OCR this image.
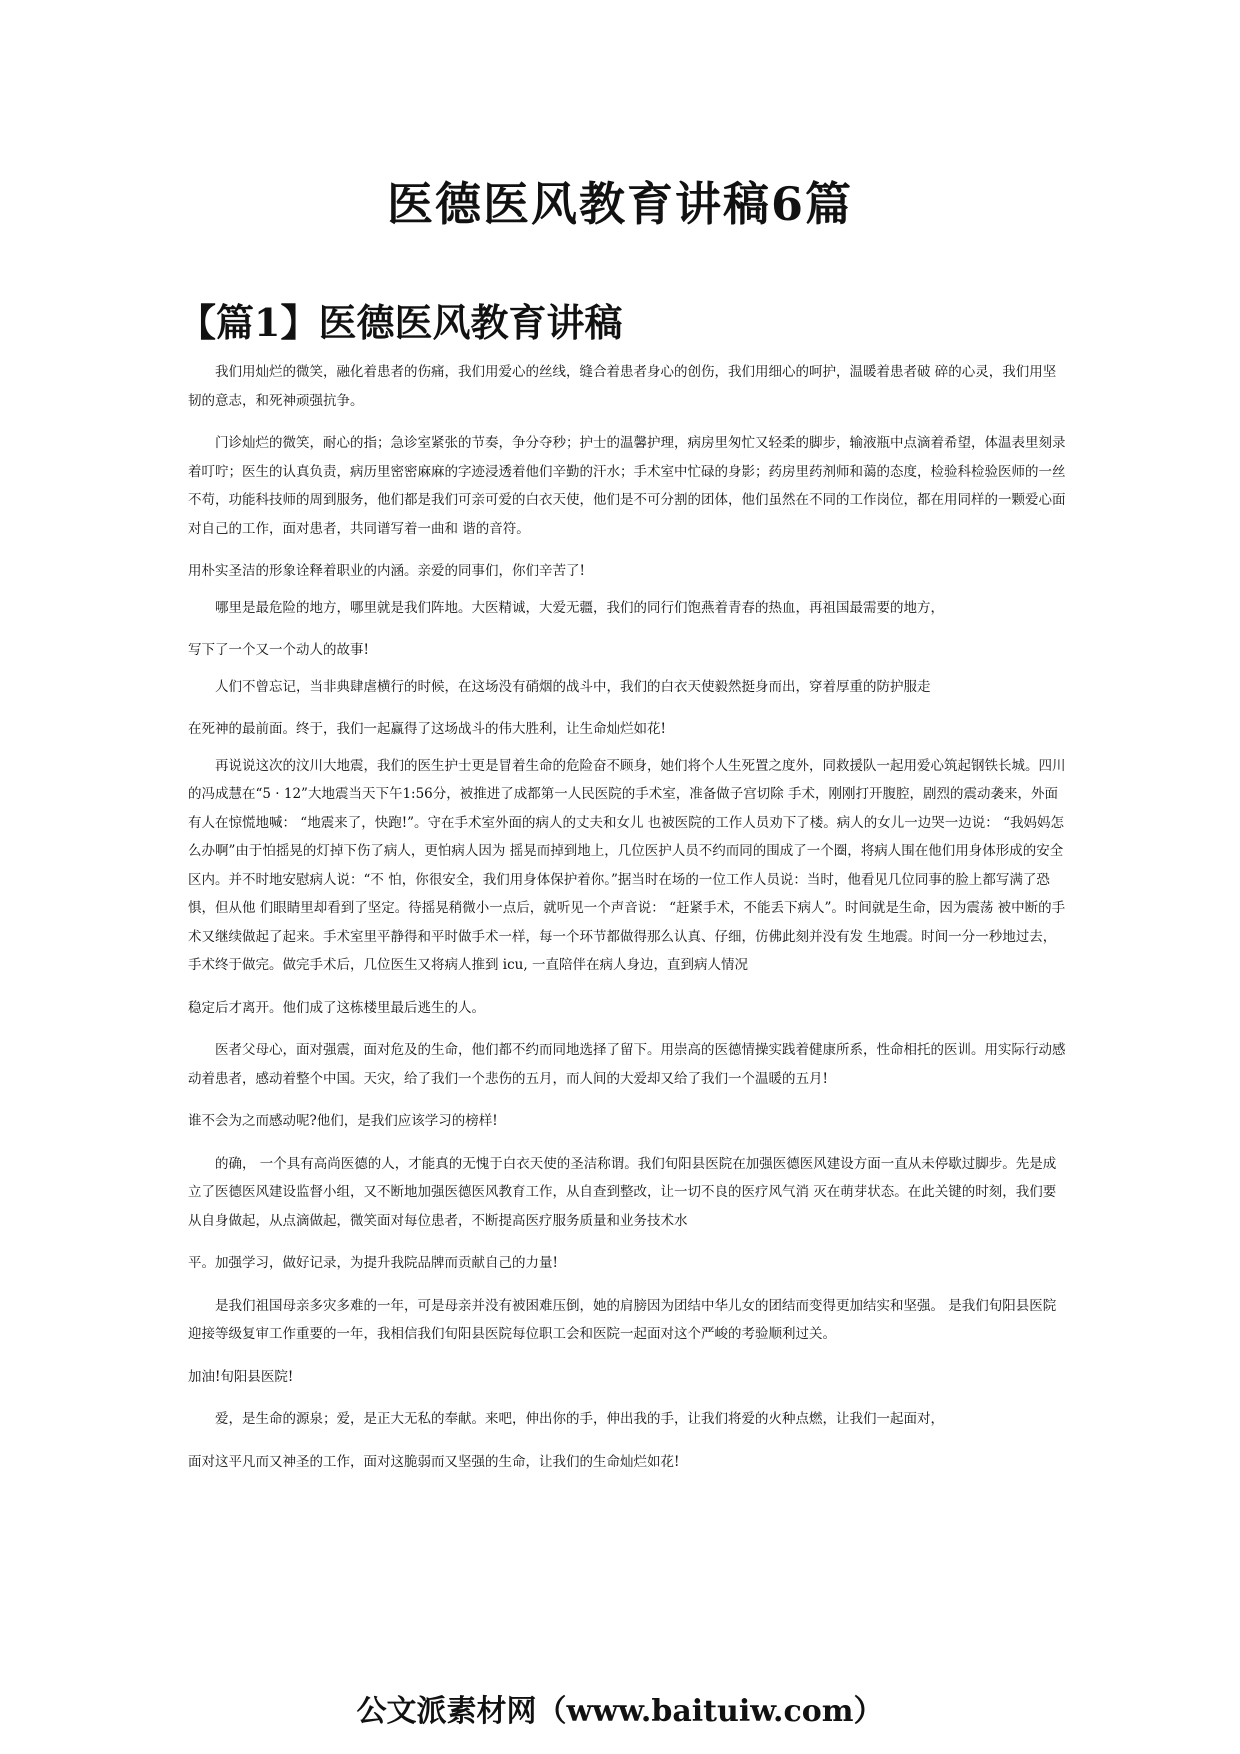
医德医风教育讲稿6篇
【篇1】医德医风教育讲稿

我们用灿烂的微笑，融化着患者的伤痛，我们用爱心的丝线，缝合着患者身心的创伤，我们用细心的呵护，温暖着患者破 碎的心灵，我们用坚韧的意志，和死神顽强抗争。

门诊灿烂的微笑，耐心的指；急诊室紧张的节奏，争分夺秒；护士的温馨护理，病房里匆忙又轻柔的脚步，输液瓶中点滴着希望，体温表里刻录着叮咛；医生的认真负责，病历里密密麻麻的字迹浸透着他们辛勤的汗水；手术室中忙碌的身影；药房里药剂师和蔼的态度，检验科检验医师的一丝不苟，功能科技师的周到服务，他们都是我们可亲可爱的白衣天使，他们是不可分割的团体，他们虽然在不同的工作岗位，都在用同样的一颗爱心面对自己的工作，面对患者，共同谱写着一曲和 谐的音符。

用朴实圣洁的形象诠释着职业的内涵。亲爱的同事们，你们辛苦了!

哪里是最危险的地方，哪里就是我们阵地。大医精诚，大爱无疆，我们的同行们饱燕着青春的热血，再祖国最需要的地方，

写下了一个又一个动人的故事!

人们不曾忘记，当非典肆虐横行的时候，在这场没有硝烟的战斗中，我们的白衣天使毅然挺身而出，穿着厚重的防护服走

在死神的最前面。终于，我们一起赢得了这场战斗的伟大胜利，让生命灿烂如花!

再说说这次的汶川大地震，我们的医生护士更是冒着生命的危险奋不顾身，她们将个人生死置之度外，同救援队一起用爱心筑起钢铁长城。四川的冯成慧在“5 · 12”大地震当天下午1:56分，被推进了成都第一人民医院的手术室，准备做子宫切除 手术，刚刚打开腹腔，剧烈的震动袭来，外面有人在惊慌地喊： “地震来了，快跑!”。守在手术室外面的病人的丈夫和女儿 也被医院的工作人员劝下了楼。病人的女儿一边哭一边说： “我妈妈怎么办啊”由于怕摇晃的灯掉下伤了病人，更怕病人因为 摇晃而掉到地上，几位医护人员不约而同的围成了一个圈，将病人围在他们用身体形成的安全区内。并不时地安慰病人说：“不 怕，你很安全，我们用身体保护着你。”据当时在场的一位工作人员说：当时，他看见几位同事的脸上都写满了恐惧，但从他 们眼睛里却看到了坚定。待摇晃稍微小一点后，就听见一个声音说： “赶紧手术，不能丢下病人”。时间就是生命，因为震荡 被中断的手术又继续做起了起来。手术室里平静得和平时做手术一样，每一个环节都做得那么认真、仔细，仿佛此刻并没有发 生地震。时间一分一秒地过去，手术终于做完。做完手术后，几位医生又将病人推到 icu, 一直陪伴在病人身边，直到病人情况

稳定后才离开。他们成了这栋楼里最后逃生的人。

医者父母心，面对强震，面对危及的生命，他们都不约而同地选择了留下。用崇高的医德情操实践着健康所系，性命相托的医训。用实际行动感动着患者，感动着整个中国。天灾，给了我们一个悲伤的五月，而人间的大爱却又给了我们一个温暖的五月!

谁不会为之而感动呢?他们，是我们应该学习的榜样!

的确， 一个具有高尚医德的人，才能真的无愧于白衣天使的圣洁称谓。我们旬阳县医院在加强医德医风建设方面一直从未停歇过脚步。先是成立了医德医风建设监督小组，又不断地加强医德医风教育工作，从自查到整改，让一切不良的医疗风气消 灭在萌芽状态。在此关键的时刻，我们要从自身做起，从点滴做起，微笑面对每位患者，不断提高医疗服务质量和业务技术水

平。加强学习，做好记录，为提升我院品牌而贡献自己的力量!

是我们祖国母亲多灾多难的一年，可是母亲并没有被困难压倒，她的肩膀因为团结中华儿女的团结而变得更加结实和坚强。 是我们旬阳县医院迎接等级复审工作重要的一年，我相信我们旬阳县医院每位职工会和医院一起面对这个严峻的考验顺利过关。

加油!旬阳县医院!

爱，是生命的源泉；爱，是正大无私的奉献。来吧，伸出你的手，伸出我的手，让我们将爱的火种点燃，让我们一起面对，

面对这平凡而又神圣的工作，面对这脆弱而又坚强的生命，让我们的生命灿烂如花!

公文派素材网（www.baituiw.com）
